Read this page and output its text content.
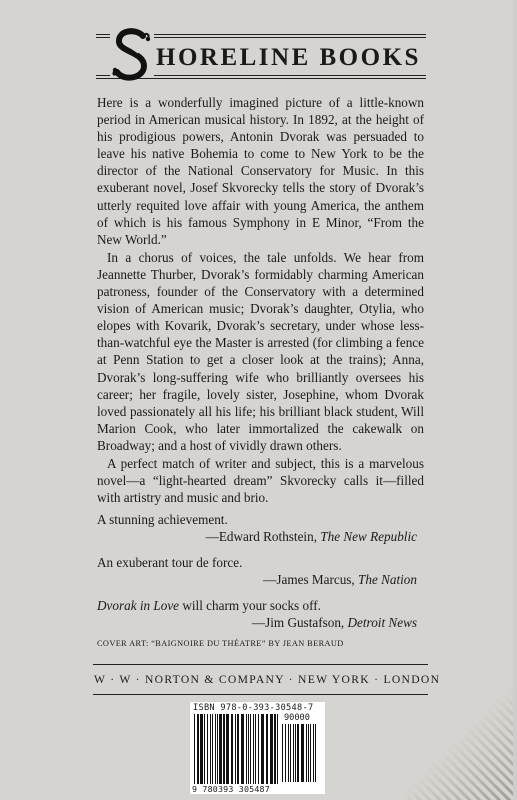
HORELINE BOOKS

Here is a wonderfully imagined picture of a little-known period in American musical history. In 1892, at the height of his prodigious powers, Antonin Dvorak was persuaded to leave his native Bohemia to come to New York to be the director of the National Conservatory for Music. In this exuberant novel, Josef Skvorecky tells the story of Dvorak’s utterly requited love affair with young America, the anthem of which is his famous Symphony in E Minor, “From the New World.”

In a chorus of voices, the tale unfolds. We hear from Jeannette Thurber, Dvorak’s formidably charming American patroness, founder of the Conservatory with a determined vision of American music; Dvorak’s daughter, Otylia, who elopes with Kovarik, Dvorak’s secretary, under whose less-than-watchful eye the Master is arrested (for climbing a fence at Penn Station to get a closer look at the trains); Anna, Dvorak’s long-suffering wife who brilliantly oversees his career; her fragile, lovely sister, Josephine, whom Dvorak loved passionately all his life; his brilliant black student, Will Marion Cook, who later immortalized the cakewalk on Broadway; and a host of vividly drawn others.

A perfect match of writer and subject, this is a marvelous novel—a “light-hearted dream” Skvorecky calls it—filled with artistry and music and brio.

A stunning achievement.
—Edward Rothstein, The New Republic
An exuberant tour de force.
—James Marcus, The Nation
Dvorak in Love will charm your socks off.
—Jim Gustafson, Detroit News
COVER ART: “BAIGNOIRE DU THÉATRE” BY JEAN BERAUD
W · W · NORTON & COMPANY · NEW YORK · LONDON
ISBN 978-0-393-30548-7
90000
9 780393 305487
